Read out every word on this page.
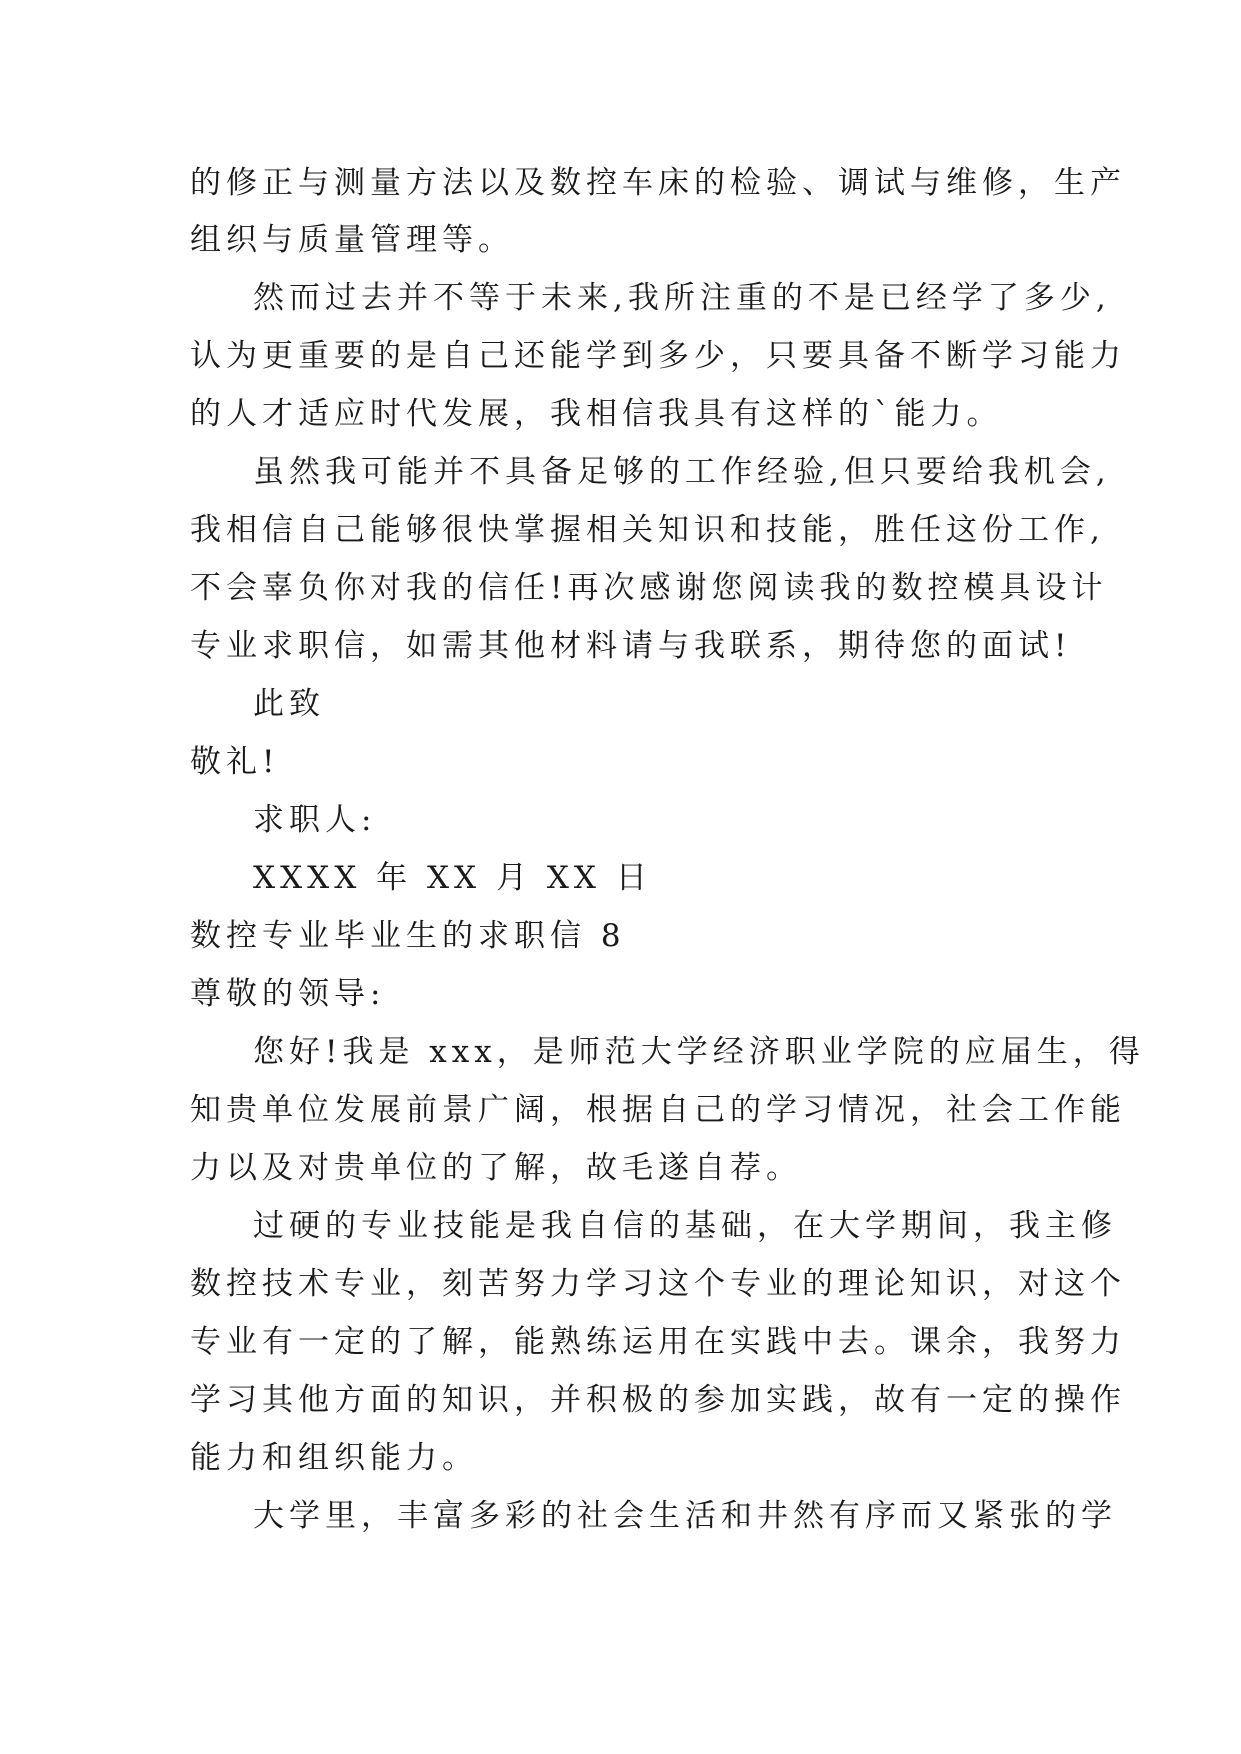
的修正与测量方法以及数控车床的检验、调试与维修，生产
组织与质量管理等。
然而过去并不等于未来,我所注重的不是已经学了多少,
认为更重要的是自己还能学到多少，只要具备不断学习能力
的人才适应时代发展，我相信我具有这样的`能力。
虽然我可能并不具备足够的工作经验,但只要给我机会,
我相信自己能够很快掌握相关知识和技能，胜任这份工作,
不会辜负你对我的信任!再次感谢您阅读我的数控模具设计
专业求职信，如需其他材料请与我联系，期待您的面试!
此致
敬礼!
求职人:
XXXX 年 XX 月 XX 日
数控专业毕业生的求职信 8
尊敬的领导:
您好!我是 xxx，是师范大学经济职业学院的应届生，得
知贵单位发展前景广阔，根据自己的学习情况，社会工作能
力以及对贵单位的了解，故毛遂自荐。
过硬的专业技能是我自信的基础，在大学期间，我主修
数控技术专业，刻苦努力学习这个专业的理论知识，对这个
专业有一定的了解，能熟练运用在实践中去。课余，我努力
学习其他方面的知识，并积极的参加实践，故有一定的操作
能力和组织能力。
大学里，丰富多彩的社会生活和井然有序而又紧张的学
